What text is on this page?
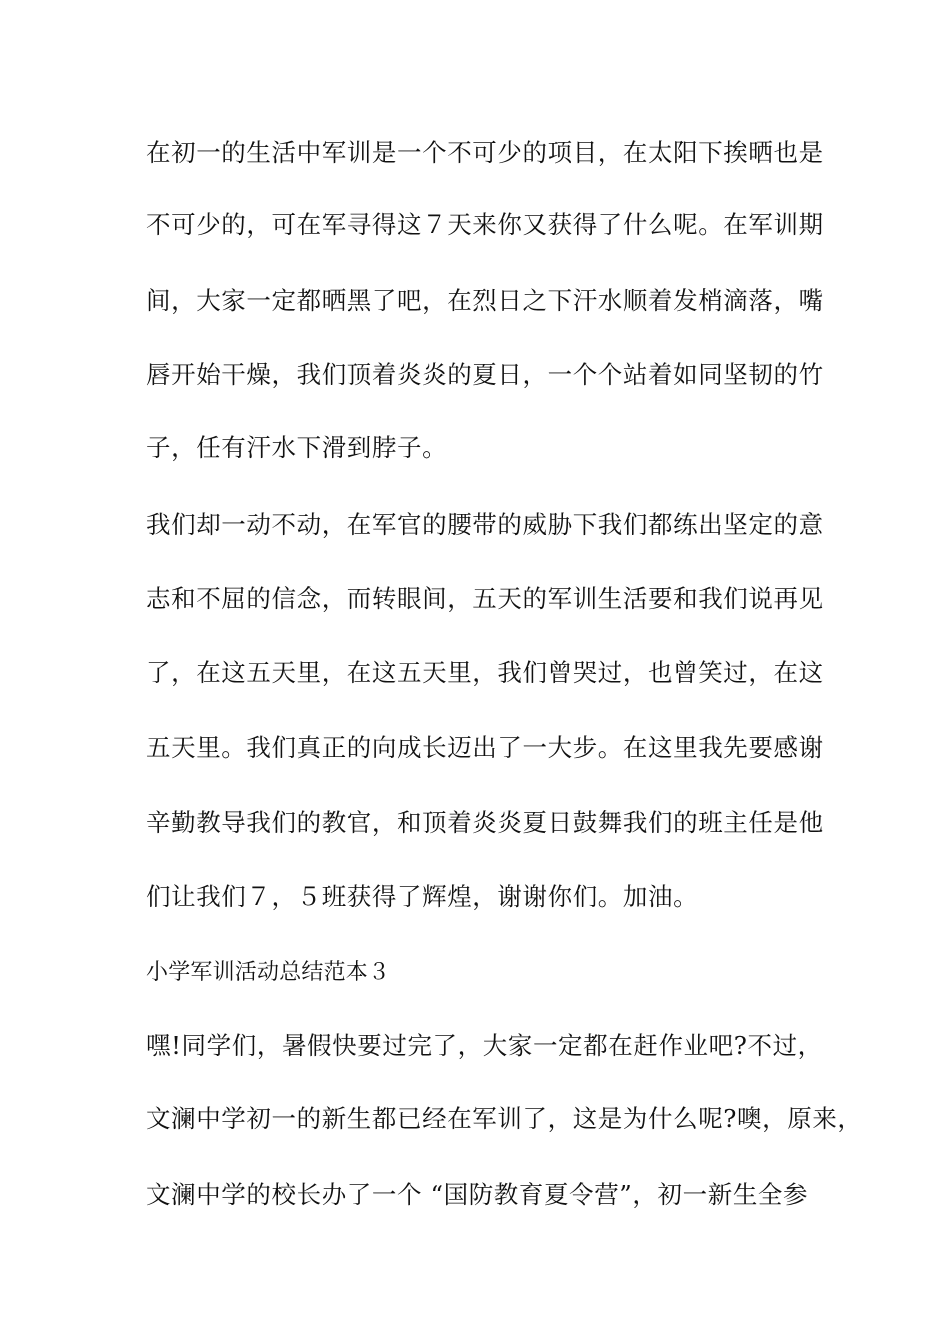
在初一的生活中军训是一个不可少的项目，在太阳下挨晒也是
不可少的，可在军寻得这７天来你又获得了什么呢。在军训期
间，大家一定都晒黑了吧，在烈日之下汗水顺着发梢滴落，嘴
唇开始干燥，我们顶着炎炎的夏日，一个个站着如同坚韧的竹
子，任有汗水下滑到脖子。
我们却一动不动，在军官的腰带的威胁下我们都练出坚定的意
志和不屈的信念，而转眼间，五天的军训生活要和我们说再见
了，在这五天里，在这五天里，我们曾哭过，也曾笑过，在这
五天里。我们真正的向成长迈出了一大步。在这里我先要感谢
辛勤教导我们的教官，和顶着炎炎夏日鼓舞我们的班主任是他
们让我们７，５班获得了辉煌，谢谢你们。加油。
小学军训活动总结范本３
嘿!同学们，暑假快要过完了，大家一定都在赶作业吧?不过，
文澜中学初一的新生都已经在军训了，这是为什么呢?噢，原来，
文澜中学的校长办了一个 “国防教育夏令营”，初一新生全参
